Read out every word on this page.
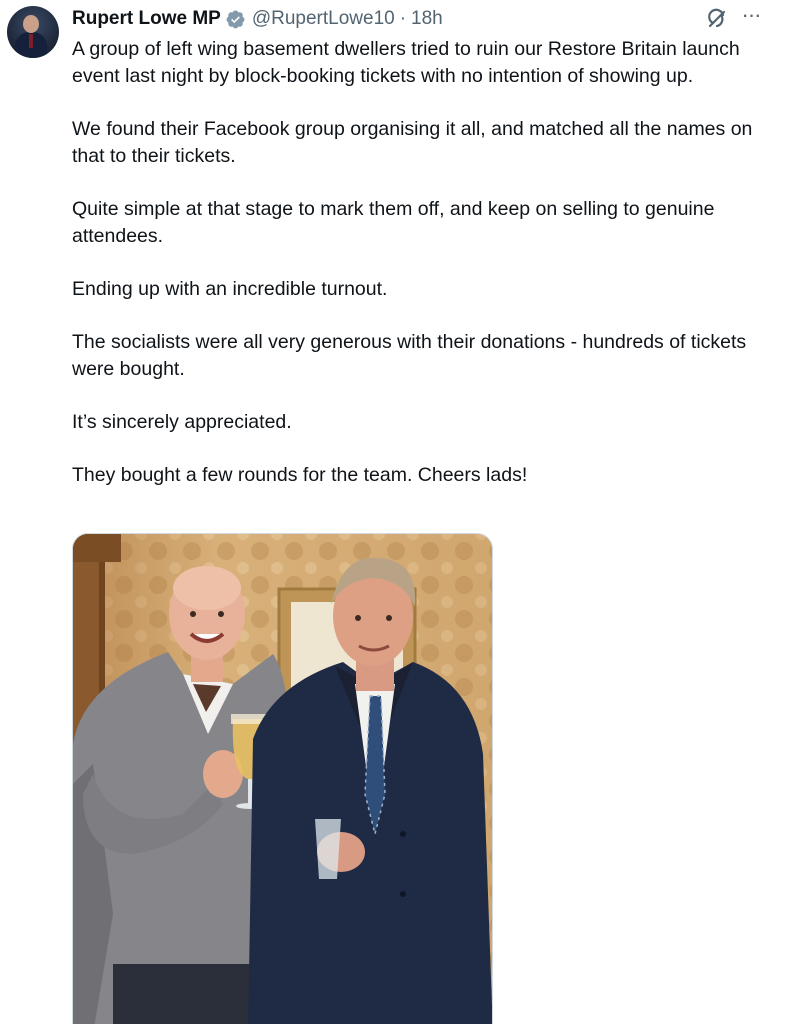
Rupert Lowe MP @RupertLowe10 · 18h	···

A group of left wing basement dwellers tried to ruin our Restore Britain launch event last night by block-booking tickets with no intention of showing up.

We found their Facebook group organising it all, and matched all the names on that to their tickets.

Quite simple at that stage to mark them off, and keep on selling to genuine attendees.

Ending up with an incredible turnout.

The socialists were all very generous with their donations - hundreds of tickets were bought.

It’s sincerely appreciated.

They bought a few rounds for the team. Cheers lads!
